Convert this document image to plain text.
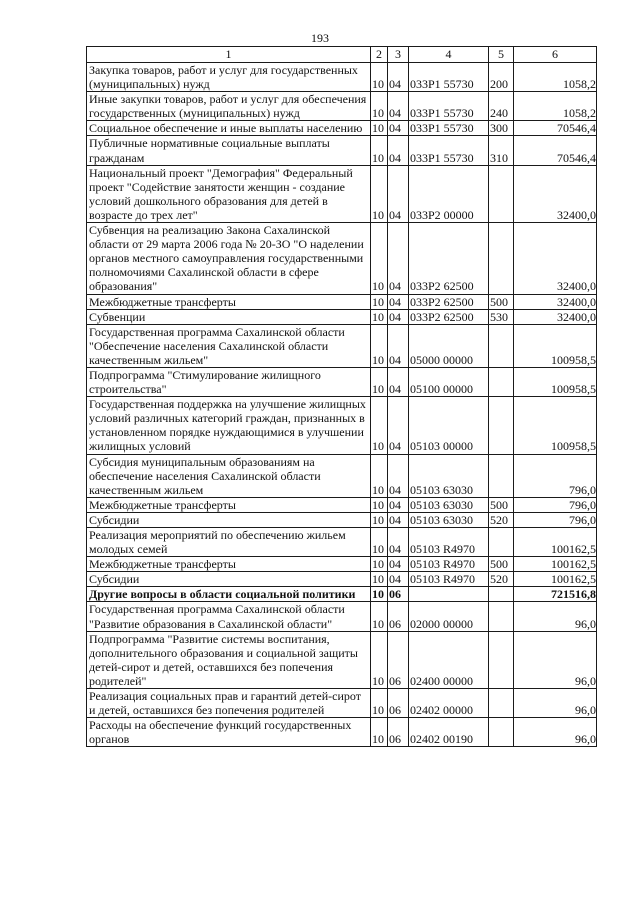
193
1	2	3	4	5	6
Закупка товаров, работ и услуг для государственных (муниципальных) нужд	10	04	033Р1 55730	200	1058,2
Иные закупки товаров, работ и услуг для обеспечения государственных (муниципальных) нужд	10	04	033Р1 55730	240	1058,2
Социальное обеспечение и иные выплаты населению	10	04	033Р1 55730	300	70546,4
Публичные нормативные социальные выплаты гражданам	10	04	033Р1 55730	310	70546,4
Национальный проект "Демография" Федеральный проект "Содействие занятости женщин - создание условий дошкольного образования для детей в возрасте до трех лет"	10	04	033Р2 00000		32400,0
Субвенция на реализацию Закона Сахалинской области от 29 марта 2006 года № 20-ЗО "О наделении органов местного самоуправления государственными полномочиями Сахалинской области в сфере образования"	10	04	033Р2 62500		32400,0
Межбюджетные трансферты	10	04	033Р2 62500	500	32400,0
Субвенции	10	04	033Р2 62500	530	32400,0
Государственная программа Сахалинской области "Обеспечение населения Сахалинской области качественным жильем"	10	04	05000 00000		100958,5
Подпрограмма "Стимулирование жилищного строительства"	10	04	05100 00000		100958,5
Государственная поддержка на улучшение жилищных условий различных категорий граждан, признанных в установленном порядке нуждающимися в улучшении жилищных условий	10	04	05103 00000		100958,5
Субсидия муниципальным образованиям на обеспечение населения Сахалинской области качественным жильем	10	04	05103 63030		796,0
Межбюджетные трансферты	10	04	05103 63030	500	796,0
Субсидии	10	04	05103 63030	520	796,0
Реализация мероприятий по обеспечению жильем молодых семей	10	04	05103 R4970		100162,5
Межбюджетные трансферты	10	04	05103 R4970	500	100162,5
Субсидии	10	04	05103 R4970	520	100162,5
Другие вопросы в области социальной политики	10	06			721516,8
Государственная программа Сахалинской области "Развитие образования в Сахалинской области"	10	06	02000 00000		96,0
Подпрограмма "Развитие системы воспитания, дополнительного образования и социальной защиты детей-сирот и детей, оставшихся без попечения родителей"	10	06	02400 00000		96,0
Реализация социальных прав и гарантий детей-сирот и детей, оставшихся без попечения родителей	10	06	02402 00000		96,0
Расходы на обеспечение функций государственных органов	10	06	02402 00190		96,0
